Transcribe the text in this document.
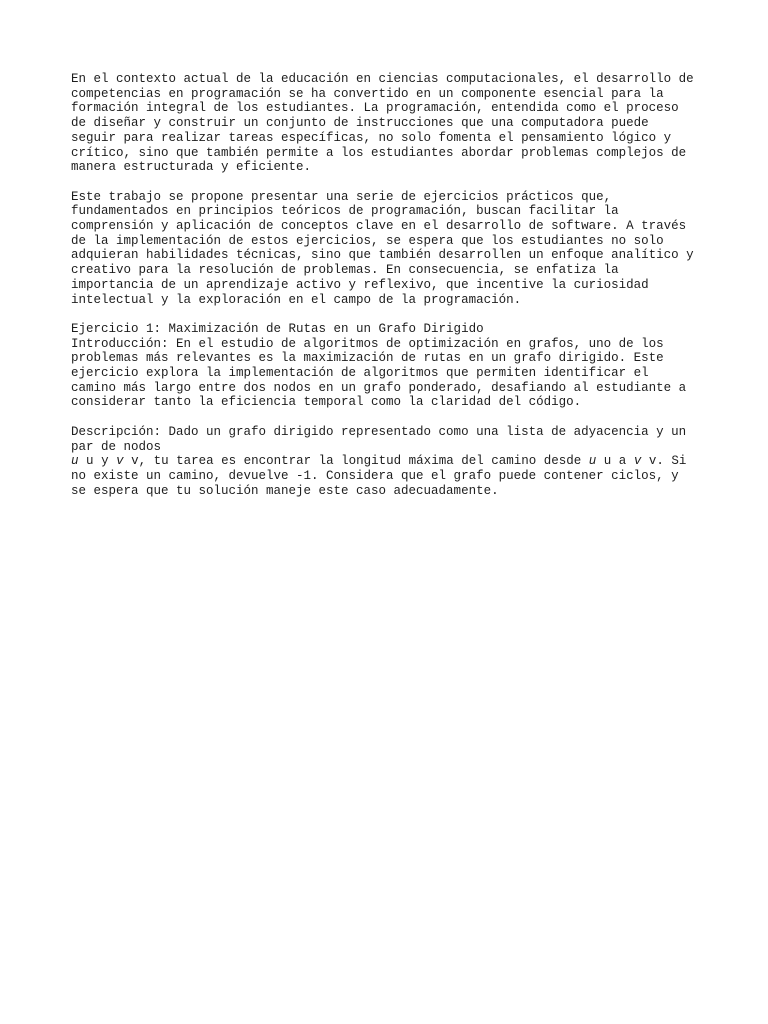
En el contexto actual de la educación en ciencias computacionales, el desarrollo de
competencias en programación se ha convertido en un componente esencial para la
formación integral de los estudiantes. La programación, entendida como el proceso
de diseñar y construir un conjunto de instrucciones que una computadora puede
seguir para realizar tareas específicas, no solo fomenta el pensamiento lógico y
crítico, sino que también permite a los estudiantes abordar problemas complejos de
manera estructurada y eficiente.

Este trabajo se propone presentar una serie de ejercicios prácticos que,
fundamentados en principios teóricos de programación, buscan facilitar la
comprensión y aplicación de conceptos clave en el desarrollo de software. A través
de la implementación de estos ejercicios, se espera que los estudiantes no solo
adquieran habilidades técnicas, sino que también desarrollen un enfoque analítico y
creativo para la resolución de problemas. En consecuencia, se enfatiza la
importancia de un aprendizaje activo y reflexivo, que incentive la curiosidad
intelectual y la exploración en el campo de la programación.

Ejercicio 1: Maximización de Rutas en un Grafo Dirigido

Introducción: En el estudio de algoritmos de optimización en grafos, uno de los
problemas más relevantes es la maximización de rutas en un grafo dirigido. Este
ejercicio explora la implementación de algoritmos que permiten identificar el
camino más largo entre dos nodos en un grafo ponderado, desafiando al estudiante a
considerar tanto la eficiencia temporal como la claridad del código.

Descripción: Dado un grafo dirigido representado como una lista de adyacencia y un
par de nodos
u u y v v, tu tarea es encontrar la longitud máxima del camino desde u u a v v. Si
no existe un camino, devuelve -1. Considera que el grafo puede contener ciclos, y
se espera que tu solución maneje este caso adecuadamente.
